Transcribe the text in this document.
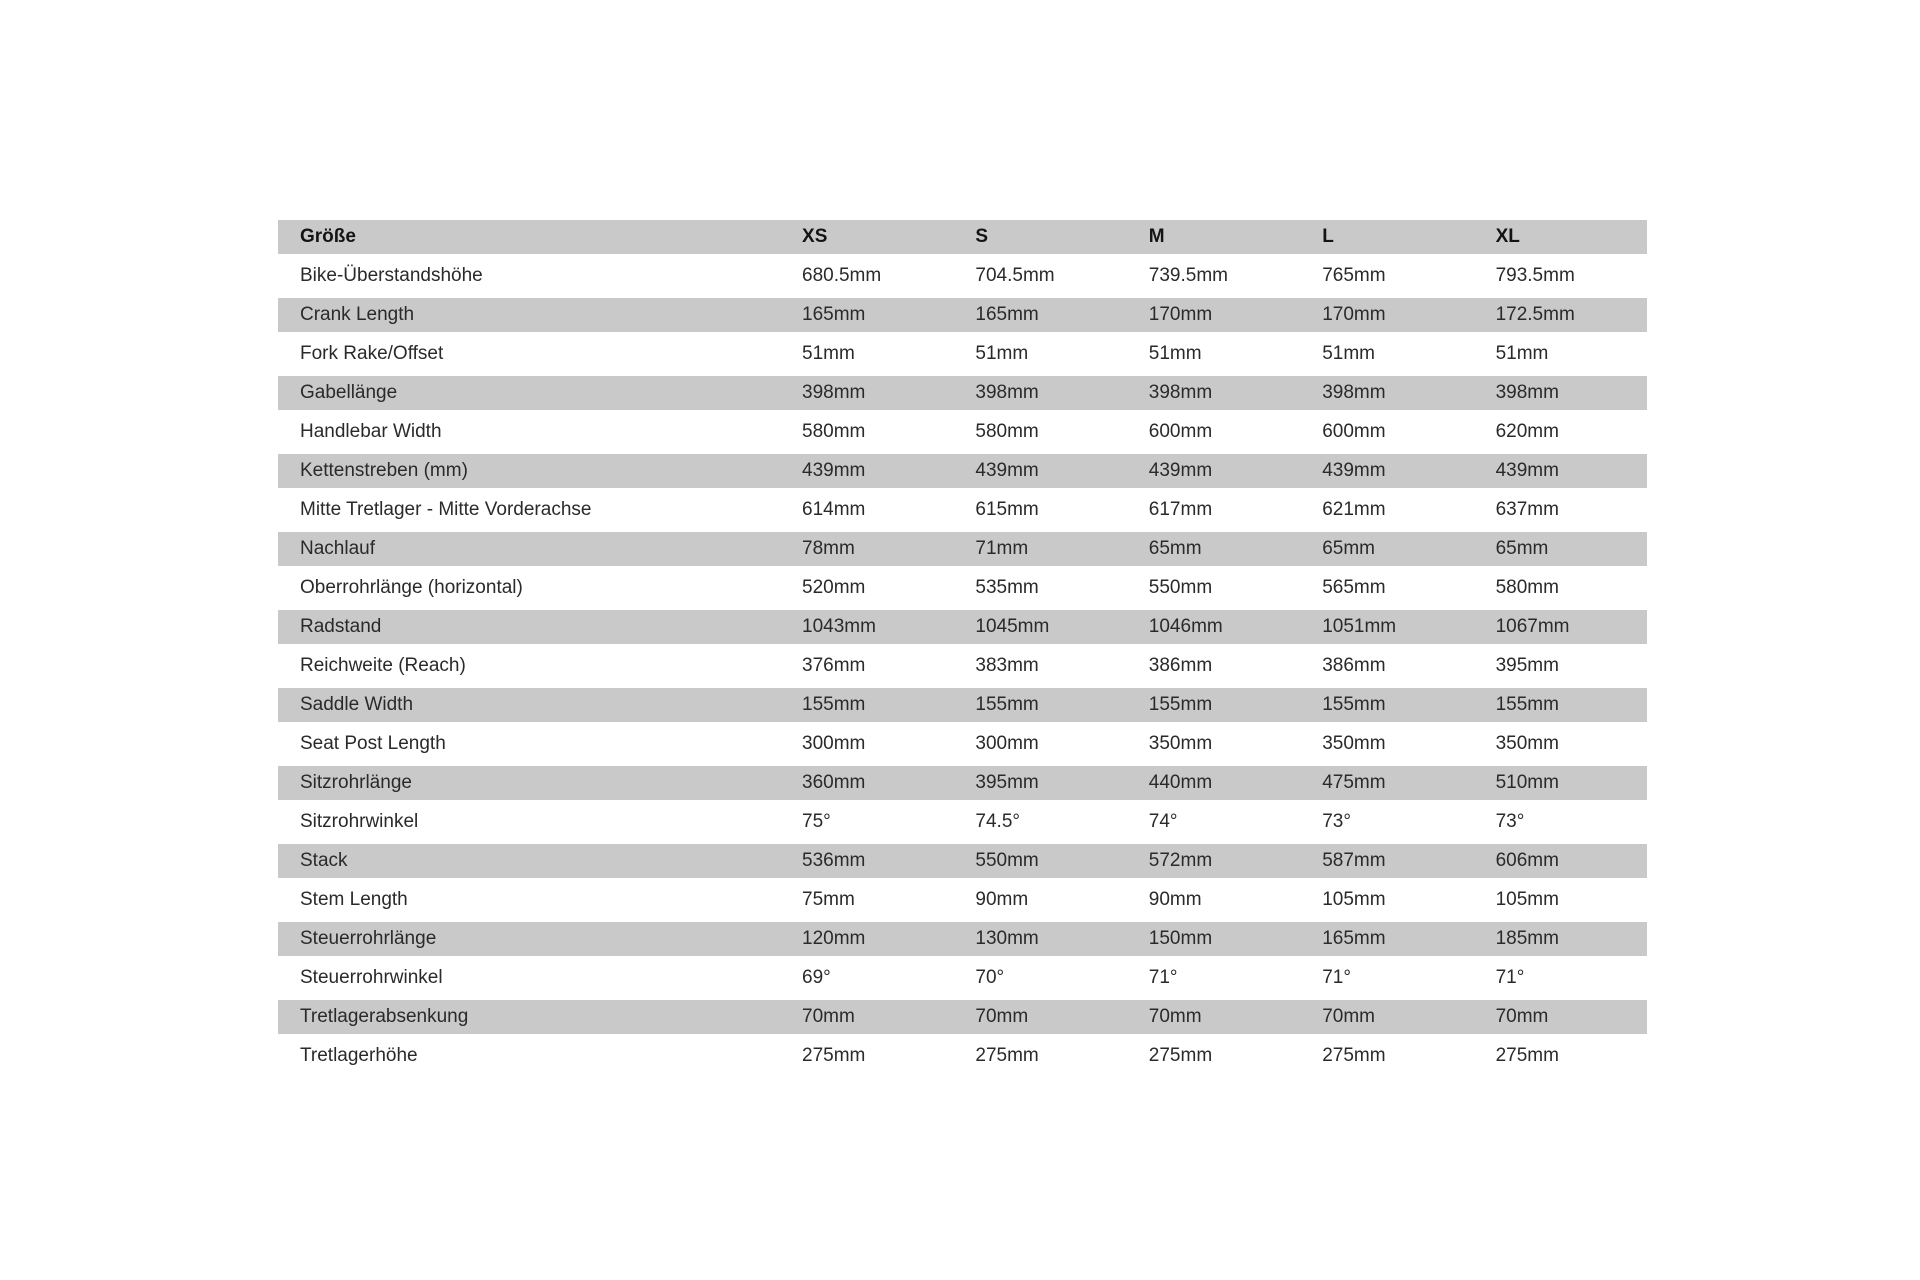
Größe	XS	S	M	L	XL
Bike-Überstandshöhe	680.5mm	704.5mm	739.5mm	765mm	793.5mm
Crank Length	165mm	165mm	170mm	170mm	172.5mm
Fork Rake/Offset	51mm	51mm	51mm	51mm	51mm
Gabellänge	398mm	398mm	398mm	398mm	398mm
Handlebar Width	580mm	580mm	600mm	600mm	620mm
Kettenstreben (mm)	439mm	439mm	439mm	439mm	439mm
Mitte Tretlager - Mitte Vorderachse	614mm	615mm	617mm	621mm	637mm
Nachlauf	78mm	71mm	65mm	65mm	65mm
Oberrohrlänge (horizontal)	520mm	535mm	550mm	565mm	580mm
Radstand	1043mm	1045mm	1046mm	1051mm	1067mm
Reichweite (Reach)	376mm	383mm	386mm	386mm	395mm
Saddle Width	155mm	155mm	155mm	155mm	155mm
Seat Post Length	300mm	300mm	350mm	350mm	350mm
Sitzrohrlänge	360mm	395mm	440mm	475mm	510mm
Sitzrohrwinkel	75°	74.5°	74°	73°	73°
Stack	536mm	550mm	572mm	587mm	606mm
Stem Length	75mm	90mm	90mm	105mm	105mm
Steuerrohrlänge	120mm	130mm	150mm	165mm	185mm
Steuerrohrwinkel	69°	70°	71°	71°	71°
Tretlagerabsenkung	70mm	70mm	70mm	70mm	70mm
Tretlagerhöhe	275mm	275mm	275mm	275mm	275mm
